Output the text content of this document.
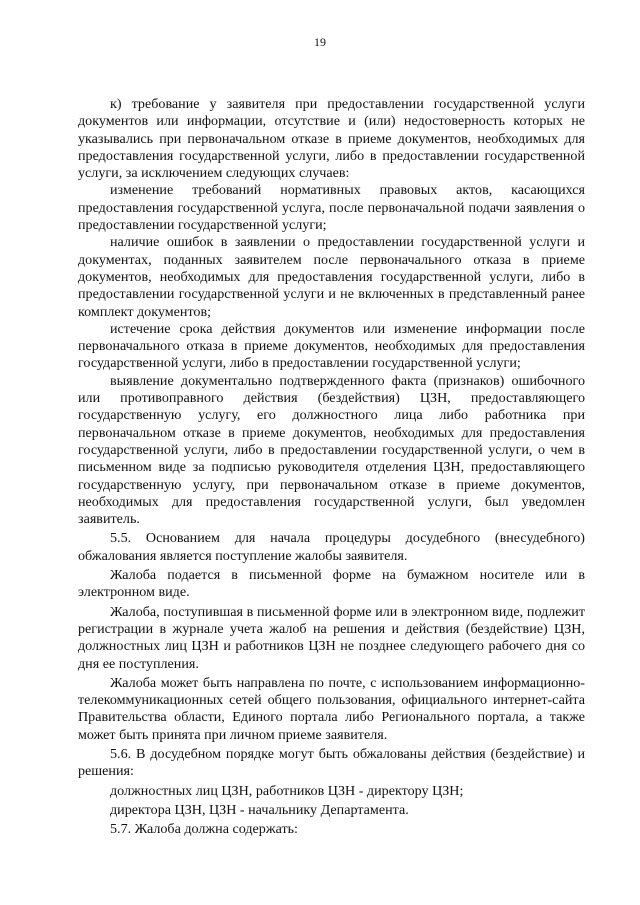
19

к) требование у заявителя при предоставлении государственной услуги документов или информации, отсутствие и (или) недостоверность которых не указывались при первоначальном отказе в приеме документов, необходимых для предоставления государственной услуги, либо в предоставлении государственной услуги, за исключением следующих случаев:

изменение требований нормативных правовых актов, касающихся предоставления государственной услуга, после первоначальной подачи заявления о предоставлении государственной услуги;

наличие ошибок в заявлении о предоставлении государственной услуги и документах, поданных заявителем после первоначального отказа в приеме документов, необходимых для предоставления государственной услуги, либо в предоставлении государственной услуги и не включенных в представленный ранее комплект документов;

истечение срока действия документов или изменение информации после первоначального отказа в приеме документов, необходимых для предоставления государственной услуги, либо в предоставлении государственной услуги;

выявление документально подтвержденного факта (признаков) ошибочного или противоправного действия (бездействия) ЦЗН, предоставляющего государственную услугу, его должностного лица либо работника при первоначальном отказе в приеме документов, необходимых для предоставления государственной услуги, либо в предоставлении государственной услуги, о чем в письменном виде за подписью руководителя отделения ЦЗН, предоставляющего государственную услугу, при первоначальном отказе в приеме документов, необходимых для предоставления государственной услуги, был уведомлен заявитель.

5.5. Основанием для начала процедуры досудебного (внесудебного) обжалования является поступление жалобы заявителя.

Жалоба подается в письменной форме на бумажном носителе или в электронном виде.

Жалоба, поступившая в письменной форме или в электронном виде, подлежит регистрации в журнале учета жалоб на решения и действия (бездействие) ЦЗН, должностных лиц ЦЗН и работников ЦЗН не позднее следующего рабочего дня со дня ее поступления.

Жалоба может быть направлена по почте, с использованием информационно-телекоммуникационных сетей общего пользования, официального интернет-сайта Правительства области, Единого портала либо Регионального портала, а также может быть принята при личном приеме заявителя.

5.6. В досудебном порядке могут быть обжалованы действия (бездействие) и решения:

должностных лиц ЦЗН, работников ЦЗН - директору ЦЗН;

директора ЦЗН, ЦЗН - начальнику Департамента.

5.7. Жалоба должна содержать:
